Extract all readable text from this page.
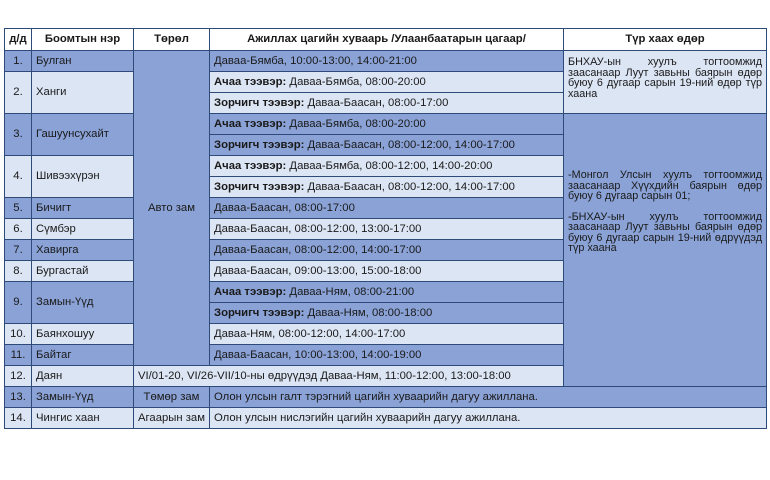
д/д	Боомтын нэр	Төрөл	Ажиллах цагийн хуваарь /Улаанбаатарын цагаар/	Түр хаах өдөр
1.	Булган	Авто зам	Даваа-Бямба, 10:00-13:00, 14:00-21:00	БНХАУ-ын хуулъ тогтоомжид заасанаар Луут завьны баярын өдөр буюу 6 дугаар сарын 19-ний өдөр түр хаана

2.	Ханги		Ачаа тээвэр: Даваа-Бямба, 08:00-20:00	
			Зорчигч тээвэр: Даваа-Баасан, 08:00-17:00	
3.	Гашуунсухайт		Ачаа тээвэр: Даваа-Бямба, 08:00-20:00	-Монгол Улсын хуулъ тогтоомжид заасанаар Хүүхдийн баярын өдөр буюу 6 дугаар сарын 01;

-БНХАУ-ын хуулъ тогтоомжид заасанаар Луут завьны баярын өдөр буюу 6 дугаар сарын 19-ний өдрүүдэд түр хаана

			Зорчигч тээвэр: Даваа-Баасан, 08:00-12:00, 14:00-17:00	
4.	Шивээхүрэн		Ачаа тээвэр: Даваа-Бямба, 08:00-12:00, 14:00-20:00	
			Зорчигч тээвэр: Даваа-Баасан, 08:00-12:00, 14:00-17:00	
5.	Бичигт		Даваа-Баасан, 08:00-17:00	
6.	Сүмбэр		Даваа-Баасан, 08:00-12:00, 13:00-17:00	
7.	Хавирга		Даваа-Баасан, 08:00-12:00, 14:00-17:00	
8.	Бургастай		Даваа-Баасан, 09:00-13:00, 15:00-18:00	
9.	Замын-Үүд		Ачаа тээвэр: Даваа-Ням, 08:00-21:00	
			Зорчигч тээвэр: Даваа-Ням, 08:00-18:00	
10.	Баянхошуу		Даваа-Ням, 08:00-12:00, 14:00-17:00	
11.	Байтаг		Даваа-Баасан, 10:00-13:00, 14:00-19:00	
12.	Даян	VI/01-20, VI/26-VII/10-ны өдрүүдэд Даваа-Ням, 11:00-12:00, 13:00-18:00		
13.	Замын-Үүд	Төмөр зам	Олон улсын галт тэрэгний цагийн хуваарийн дагуу ажиллана.	
14.	Чингис хаан	Агаарын зам	Олон улсын нислэгийн цагийн хуваарийн дагуу ажиллана.	
